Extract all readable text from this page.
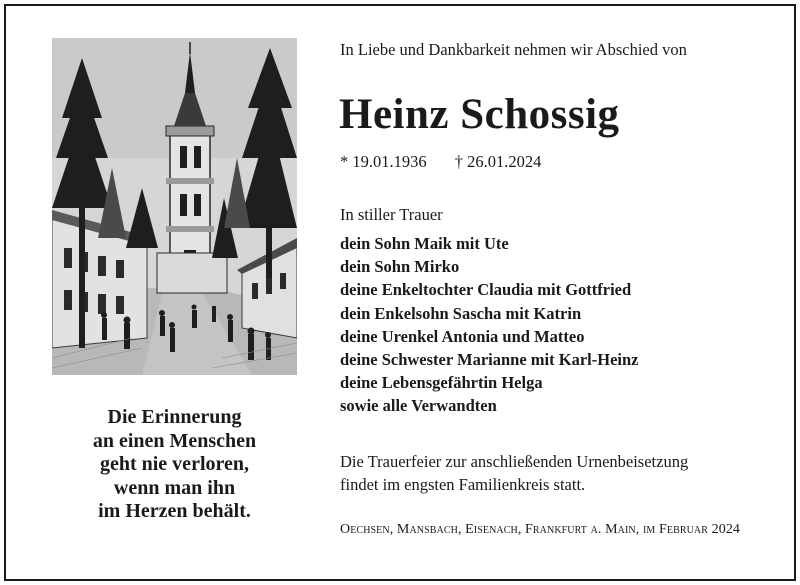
Die Erinnerung
an einen Menschen
geht nie verloren,
wenn man ihn
im Herzen behält.
In Liebe und Dankbarkeit nehmen wir Abschied von
Heinz Schossig
* 19.01.1936 † 26.01.2024
In stiller Trauer
dein Sohn Maik mit Ute
dein Sohn Mirko
deine Enkeltochter Claudia mit Gottfried
dein Enkelsohn Sascha mit Katrin
deine Urenkel Antonia und Matteo
deine Schwester Marianne mit Karl-Heinz
deine Lebensgefährtin Helga
sowie alle Verwandten
Die Trauerfeier zur anschließenden Urnenbeisetzung
findet im engsten Familienkreis statt.
Oechsen, Mansbach, Eisenach, Frankfurt a. Main, im Februar 2024
